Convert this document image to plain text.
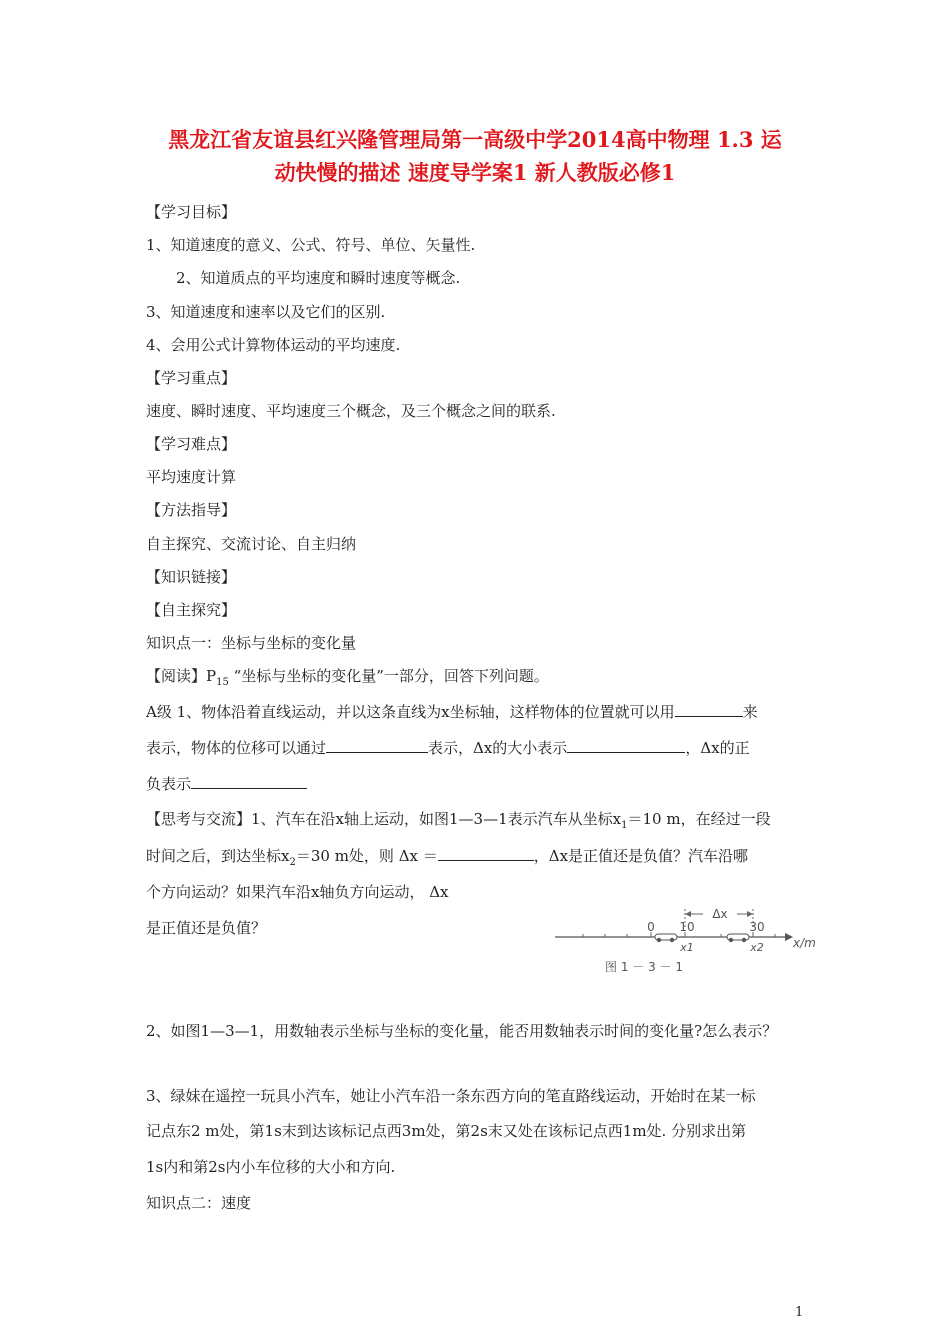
黑龙江省友谊县红兴隆管理局第一高级中学2014高中物理 1.3 运
动快慢的描述 速度导学案1 新人教版必修1

【学习目标】

1、知道速度的意义、公式、符号、单位、矢量性.

2、知道质点的平均速度和瞬时速度等概念.

3、知道速度和速率以及它们的区别.

4、会用公式计算物体运动的平均速度.

【学习重点】

速度、瞬时速度、平均速度三个概念，及三个概念之间的联系.

【学习难点】

平均速度计算

【方法指导】

自主探究、交流讨论、自主归纳

【知识链接】

【自主探究】

知识点一：坐标与坐标的变化量

【阅读】$P_{15}$ “坐标与坐标的变化量”一部分，回答下列问题。

A级 1、物体沿着直线运动，并以这条直线为x坐标轴，这样物体的位置就可以用	来

表示，物体的位移可以通过	表示，Δx的大小表示	，Δx的正

负表示

【思考与交流】1、汽车在沿x轴上运动，如图1—3—1表示汽车从坐标$x_1=10$ m，在经过一段

时间之后，到达坐标$x_2=30$ m处，则 Δx ＝	，Δx是正值还是负值？汽车沿哪

个方向运动？如果汽车沿x轴负方向运动， Δx

是正值还是负值？

Δx
0 10	30
x1	x2 x/m
图 1 － 3 － 1

2、如图1—3—1，用数轴表示坐标与坐标的变化量，能否用数轴表示时间的变化量?怎么表示？

3、绿妹在遥控一玩具小汽车，她让小汽车沿一条东西方向的笔直路线运动，开始时在某一标

记点东2 m处，第1s末到达该标记点西3m处，第2s末又处在该标记点西1m处. 分别求出第

1s内和第2s内小车位移的大小和方向.

知识点二：速度

1
